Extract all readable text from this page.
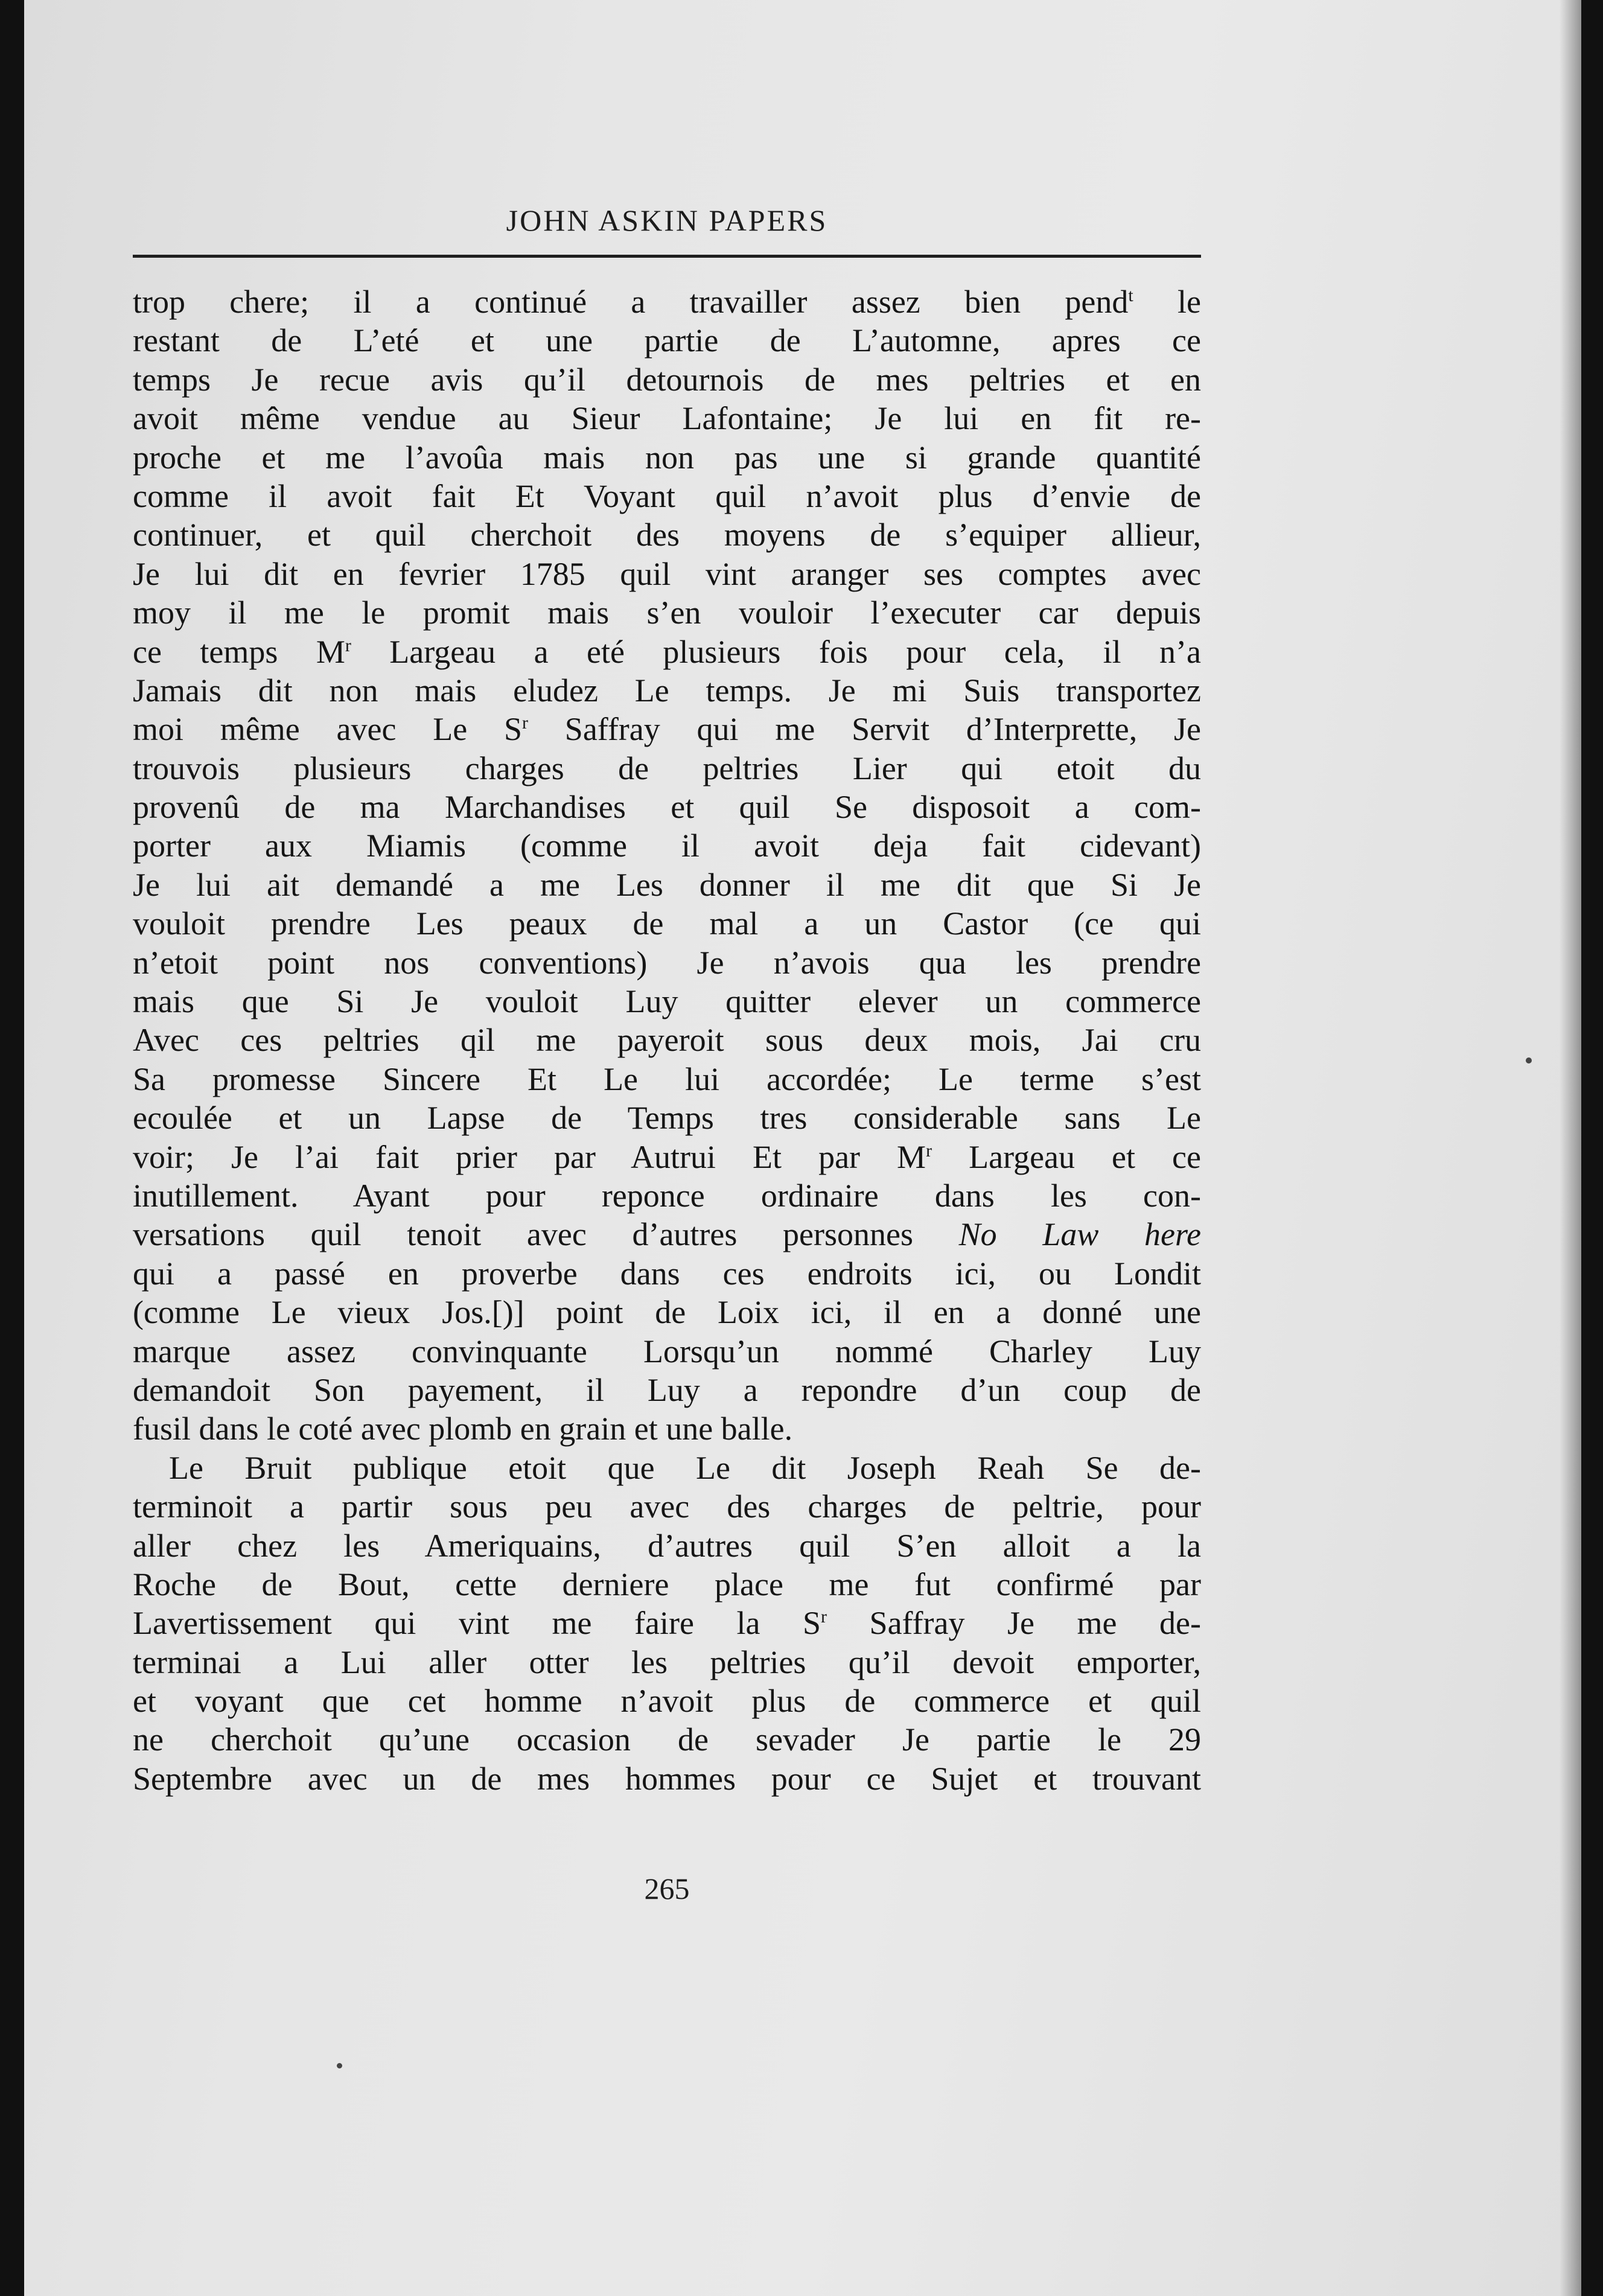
JOHN ASKIN PAPERS
trop chere; il a continué a travailler assez bien pend$^t$ le
restant de L’eté et une partie de L’automne, apres ce
temps Je recue avis qu’il detournois de mes peltries et en
avoit même vendue au Sieur Lafontaine; Je lui en fit re-
proche et me l’avoûa mais non pas une si grande quantité
comme il avoit fait Et Voyant quil n’avoit plus d’envie de
continuer, et quil cherchoit des moyens de s’equiper allieur,
Je lui dit en fevrier 1785 quil vint aranger ses comptes avec
moy il me le promit mais s’en vouloir l’executer car depuis
ce temps $M^r$ Largeau a eté plusieurs fois pour cela, il n’a
Jamais dit non mais eludez Le temps. Je mi Suis transportez
moi même avec Le $S^r$ Saffray qui me Servit d’Interprette, Je
trouvois plusieurs charges de peltries Lier qui etoit du
provenû de ma Marchandises et quil Se disposoit a com-
porter aux Miamis (comme il avoit deja fait cidevant)
Je lui ait demandé a me Les donner il me dit que Si Je
vouloit prendre Les peaux de mal a un Castor (ce qui
n’etoit point nos conventions) Je n’avois qua les prendre
mais que Si Je vouloit Luy quitter elever un commerce
Avec ces peltries qil me payeroit sous deux mois, Jai cru
Sa promesse Sincere Et Le lui accordée; Le terme s’est
ecoulée et un Lapse de Temps tres considerable sans Le
voir; Je l’ai fait prier par Autrui Et par $M^r$ Largeau et ce
inutillement. Ayant pour reponce ordinaire dans les con-
versations quil tenoit avec d’autres personnes No Law here
qui a passé en proverbe dans ces endroits ici, ou Londit
(comme Le vieux Jos.[)] point de Loix ici, il en a donné une
marque assez convinquante Lorsqu’un nommé Charley Luy
demandoit Son payement, il Luy a repondre d’un coup de
fusil dans le coté avec plomb en grain et une balle.
Le Bruit publique etoit que Le dit Joseph Reah Se de-
terminoit a partir sous peu avec des charges de peltrie, pour
aller chez les Ameriquains, d’autres quil S’en alloit a la
Roche de Bout, cette derniere place me fut confirmé par
Lavertissement qui vint me faire la $S^r$ Saffray Je me de-
terminai a Lui aller otter les peltries qu’il devoit emporter,
et voyant que cet homme n’avoit plus de commerce et quil
ne cherchoit qu’une occasion de sevader Je partie le 29
Septembre avec un de mes hommes pour ce Sujet et trouvant
265
